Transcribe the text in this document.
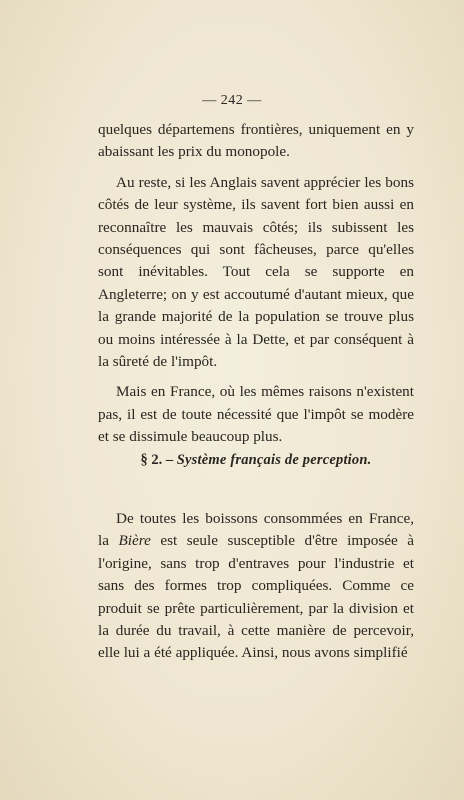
— 242 —

quelques départemens frontières, uniquement en y abaissant les prix du monopole.

Au reste, si les Anglais savent apprécier les bons côtés de leur système, ils savent fort bien aussi en reconnaître les mauvais côtés; ils subissent les conséquences qui sont fâcheuses, parce qu'elles sont inévitables. Tout cela se supporte en Angleterre; on y est accoutumé d'autant mieux, que la grande majorité de la population se trouve plus ou moins intéressée à la Dette, et par conséquent à la sûreté de l'impôt.

Mais en France, où les mêmes raisons n'existent pas, il est de toute nécessité que l'impôt se modère et se dissimule beaucoup plus.

§ 2. – Système français de perception.

De toutes les boissons consommées en France, la Bière est seule susceptible d'être imposée à l'origine, sans trop d'entraves pour l'industrie et sans des formes trop compliquées. Comme ce produit se prête particulièrement, par la division et la durée du travail, à cette manière de percevoir, elle lui a été appliquée. Ainsi, nous avons simplifié
